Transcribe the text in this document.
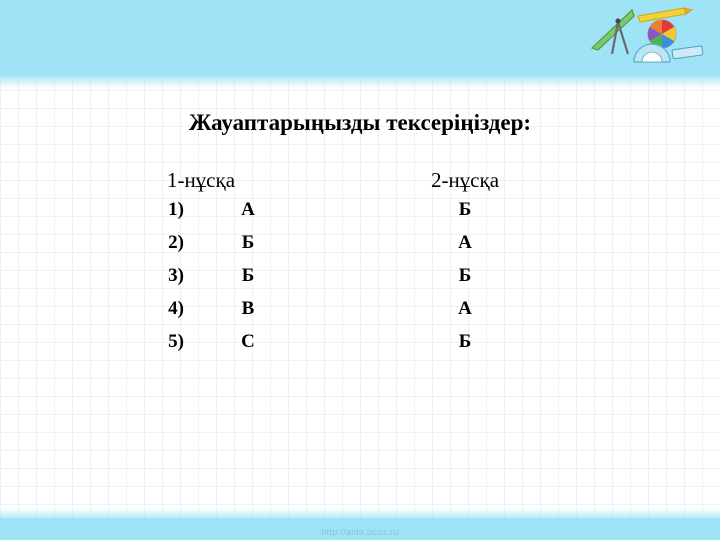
Жауаптарыңызды тексеріңіздер:
1-нұсқа	2-нұсқа
1)	А	Б
2)	Б	А
3)	Б	Б
4)	В	А
5)	С	Б
http://aida.ucoz.ru
